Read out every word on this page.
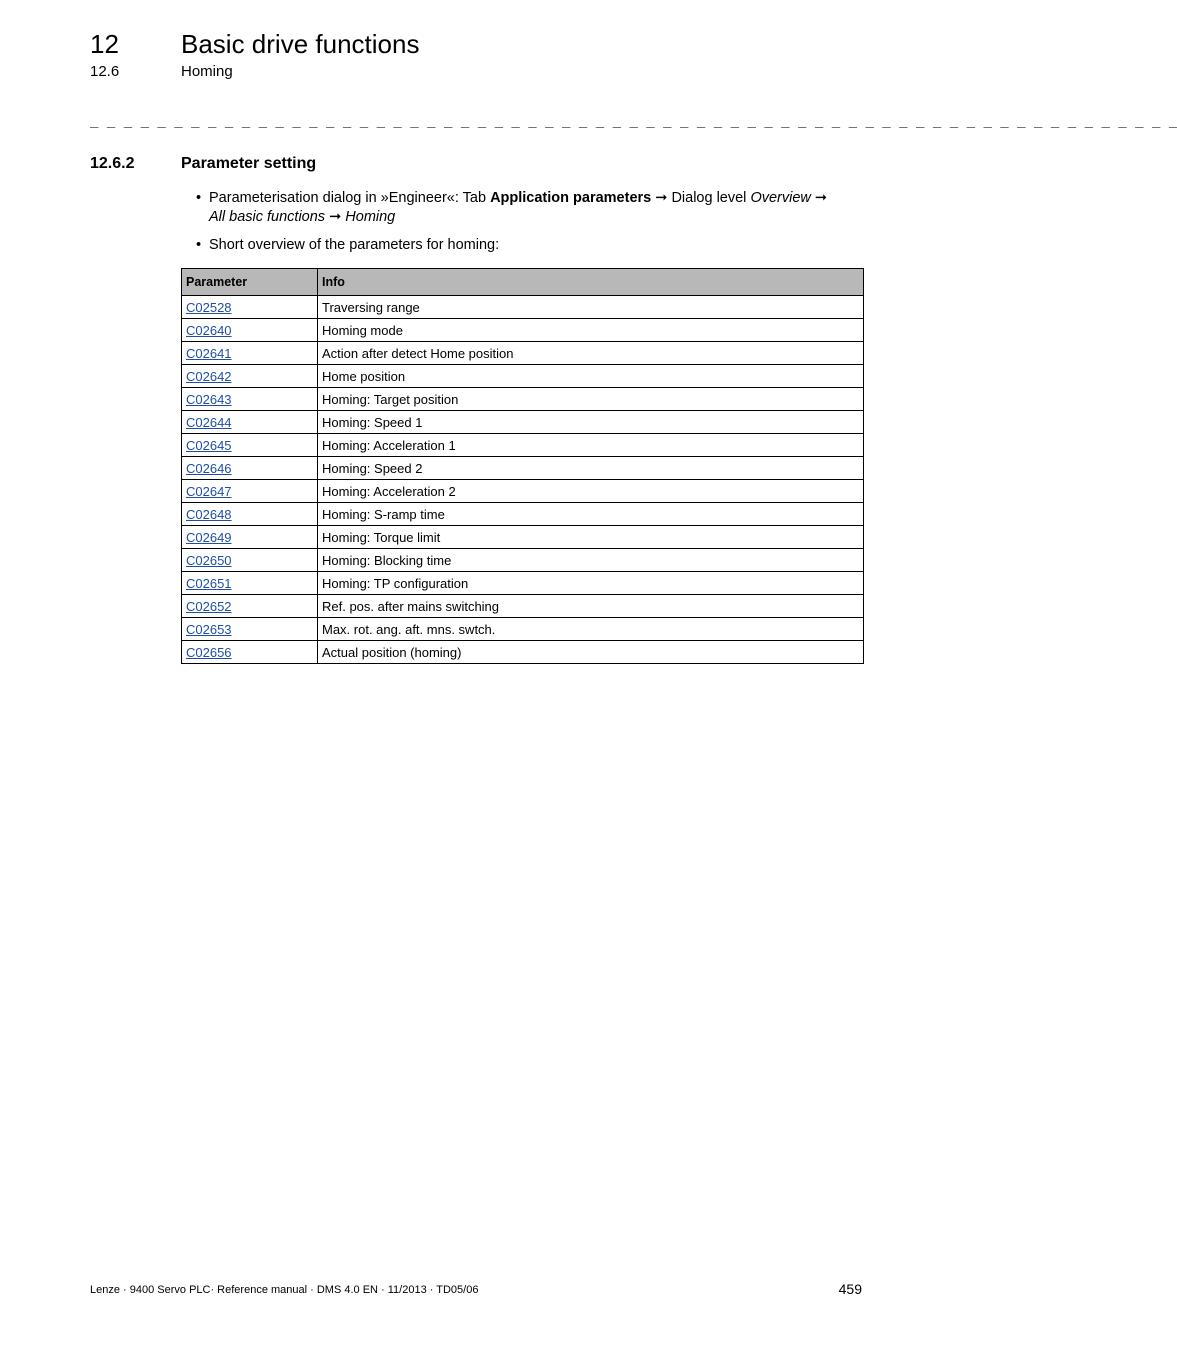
12 Basic drive functions
12.6	Homing
_ _ _ _ _ _ _ _ _ _ _ _ _ _ _ _ _ _ _ _ _ _ _ _ _ _ _ _ _ _ _ _ _ _ _ _ _ _ _ _ _ _ _ _ _ _ _ _ _ _ _ _ _ _ _ _ _ _ _ _ _ _ _ _ _
12.6.2	Parameter setting
• Parameterisation dialog in »Engineer«: Tab Application parameters ➞ Dialog level Overview ➞
All basic functions ➞ Homing
• Short overview of the parameters for homing:
Parameter	Info
C02528	Traversing range
C02640	Homing mode
C02641	Action after detect Home position
C02642	Home position
C02643	Homing: Target position
C02644	Homing: Speed 1
C02645	Homing: Acceleration 1
C02646	Homing: Speed 2
C02647	Homing: Acceleration 2
C02648	Homing: S-ramp time
C02649	Homing: Torque limit
C02650	Homing: Blocking time
C02651	Homing: TP configuration
C02652	Ref. pos. after mains switching
C02653	Max. rot. ang. aft. mns. swtch.
C02656	Actual position (homing)
Lenze · 9400 Servo PLC· Reference manual · DMS 4.0 EN · 11/2013 · TD05/06	459
